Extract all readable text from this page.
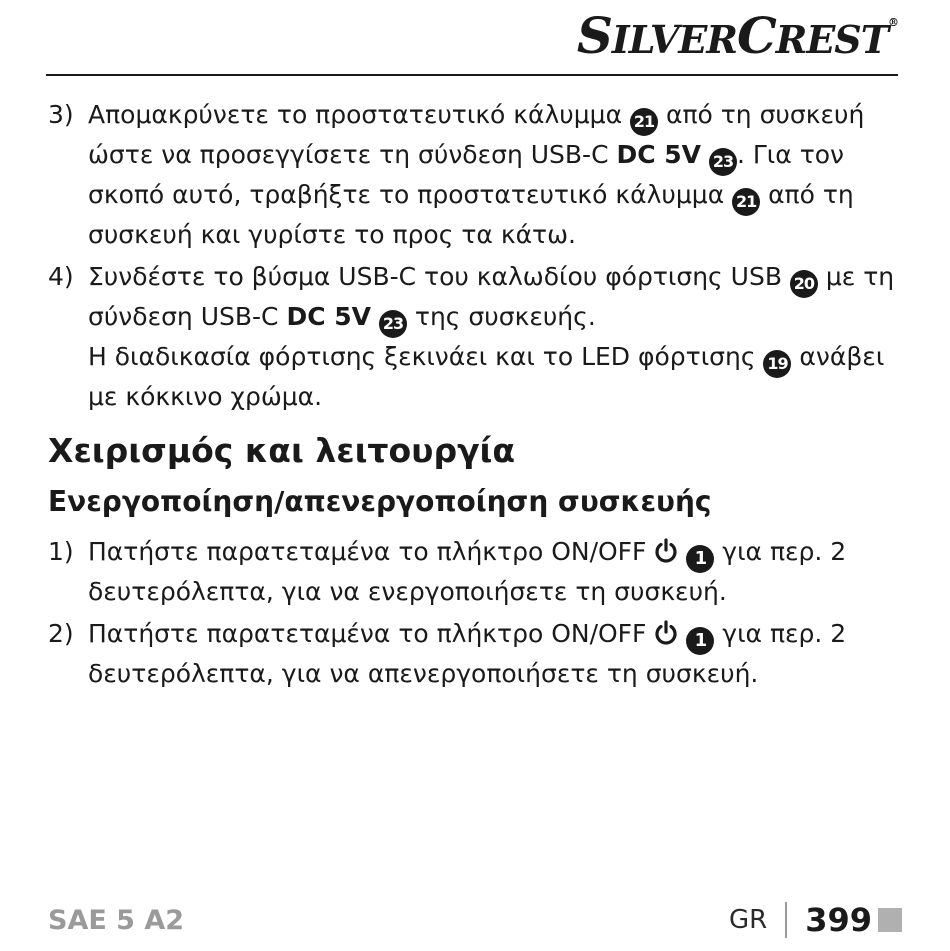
SILVERCREST®
3) Απομακρύνετε το προστατευτικό κάλυμμα 21 από τη συσκευή ώστε να προσεγγίσετε τη σύνδεση USB-C DC 5V 23 . Για τον σκοπό αυτό, τραβήξτε το προστατευτικό κάλυμμα 21 από τη συσκευή και γυρίστε το προς τα κάτω.

4) Συνδέστε το βύσμα USB-C του καλωδίου φόρτισης USB 20 με τη σύνδεση USB-C DC 5V 23 της συσκευής.

Η διαδικασία φόρτισης ξεκινάει και το LED φόρτισης 19 ανάβει με κόκκινο χρώμα.

Χειρισμός και λειτουργία
Ενεργοποίηση/απενεργοποίηση συσκευής
1) Πατήστε παρατεταμένα το πλήκτρο ON/OFF  1 για περ. 2 δευτερόλεπτα, για να ενεργοποιήσετε τη συσκευή.

2) Πατήστε παρατεταμένα το πλήκτρο ON/OFF  1 για περ. 2 δευτερόλεπτα, για να απενεργοποιήσετε τη συσκευή.

SAE 5 A2	GR 399
